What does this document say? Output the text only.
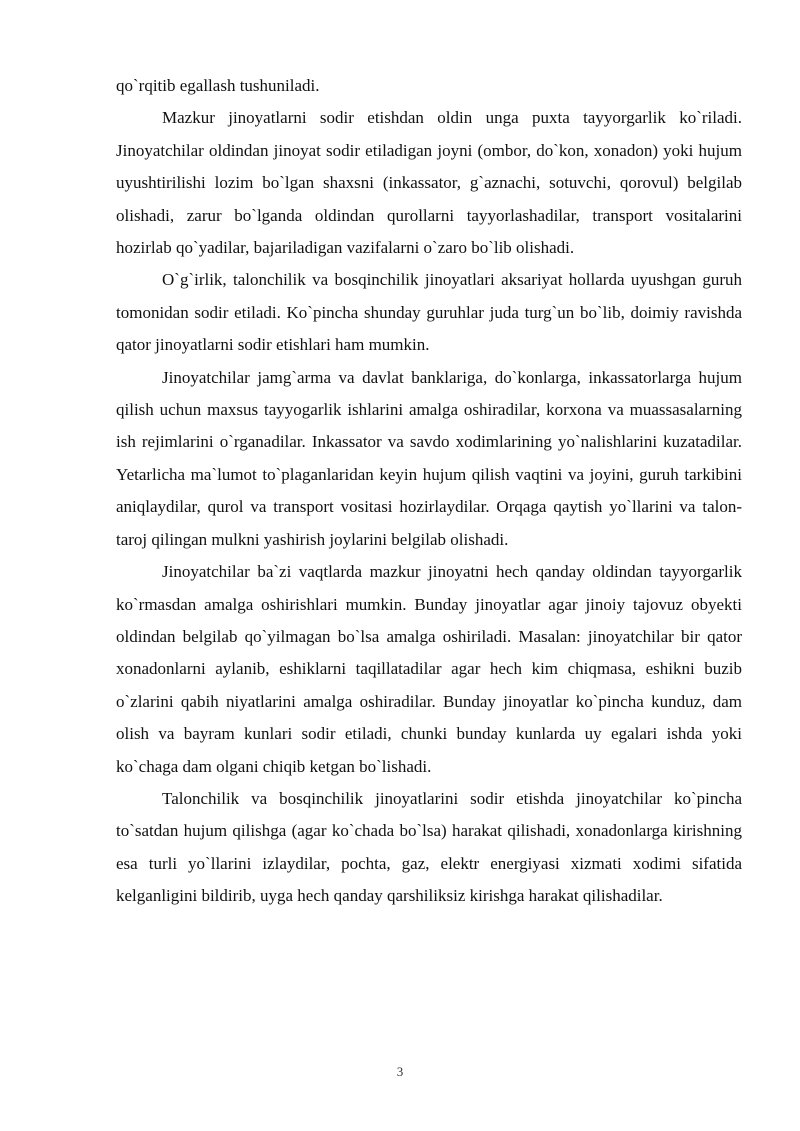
qo`rqitib egallash tushuniladi.

Mazkur jinoyatlarni sodir etishdan oldin unga puxta tayyorgarlik ko`riladi. Jinoyatchilar oldindan jinoyat sodir etiladigan joyni (ombor, do`kon, xonadon) yoki hujum uyushtirilishi lozim bo`lgan shaxsni (inkassator, g`aznachi, sotuvchi, qorovul) belgilab olishadi, zarur bo`lganda oldindan qurollarni tayyorlashadilar, transport vositalarini hozirlab qo`yadilar, bajariladigan vazifalarni o`zaro bo`lib olishadi.

O`g`irlik, talonchilik va bosqinchilik jinoyatlari aksariyat hollarda uyushgan guruh tomonidan sodir etiladi. Ko`pincha shunday guruhlar juda turg`un bo`lib, doimiy ravishda qator jinoyatlarni sodir etishlari ham mumkin.

Jinoyatchilar jamg`arma va davlat banklariga, do`konlarga, inkassatorlarga hujum qilish uchun maxsus tayyogarlik ishlarini amalga oshiradilar, korxona va muassasalarning ish rejimlarini o`rganadilar. Inkassator va savdo xodimlarining yo`nalishlarini kuzatadilar. Yetarlicha ma`lumot to`plaganlaridan keyin hujum qilish vaqtini va joyini, guruh tarkibini aniqlaydilar, qurol va transport vositasi hozirlaydilar. Orqaga qaytish yo`llarini va talon-taroj qilingan mulkni yashirish joylarini belgilab olishadi.

Jinoyatchilar ba`zi vaqtlarda mazkur jinoyatni hech qanday oldindan tayyorgarlik ko`rmasdan amalga oshirishlari mumkin. Bunday jinoyatlar agar jinoiy tajovuz obyekti oldindan belgilab qo`yilmagan bo`lsa amalga oshiriladi. Masalan: jinoyatchilar bir qator xonadonlarni aylanib, eshiklarni taqillatadilar agar hech kim chiqmasa, eshikni buzib o`zlarini qabih niyatlarini amalga oshiradilar. Bunday jinoyatlar ko`pincha kunduz, dam olish va bayram kunlari sodir etiladi, chunki bunday kunlarda uy egalari ishda yoki ko`chaga dam olgani chiqib ketgan bo`lishadi.

Talonchilik va bosqinchilik jinoyatlarini sodir etishda jinoyatchilar ko`pincha to`satdan hujum qilishga (agar ko`chada bo`lsa) harakat qilishadi, xonadonlarga kirishning esa turli yo`llarini izlaydilar, pochta, gaz, elektr energiyasi xizmati xodimi sifatida kelganligini bildirib, uyga hech qanday qarshiliksiz kirishga harakat qilishadilar.

3
